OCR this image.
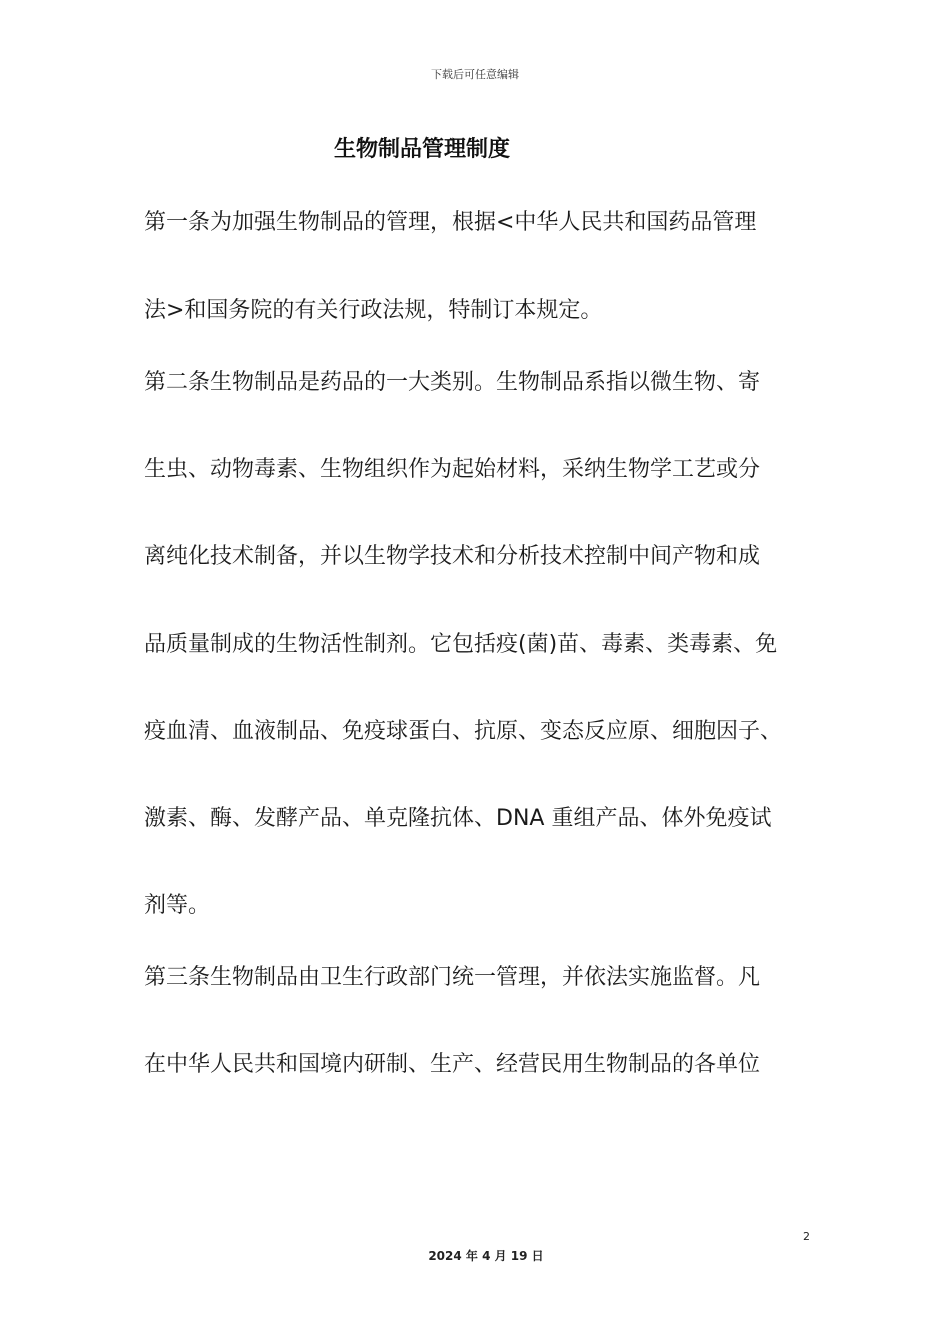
下载后可任意编辑
生物制品管理制度
第一条为加强生物制品的管理，根据<中华人民共和国药品管理
法>和国务院的有关行政法规，特制订本规定。
第二条生物制品是药品的一大类别。生物制品系指以微生物、寄
生虫、动物毒素、生物组织作为起始材料，采纳生物学工艺或分
离纯化技术制备，并以生物学技术和分析技术控制中间产物和成
品质量制成的生物活性制剂。它包括疫(菌)苗、毒素、类毒素、免
疫血清、血液制品、免疫球蛋白、抗原、变态反应原、细胞因子、
激素、酶、发酵产品、单克隆抗体、DNA 重组产品、体外免疫试
剂等。
第三条生物制品由卫生行政部门统一管理，并依法实施监督。凡
在中华人民共和国境内研制、生产、经营民用生物制品的各单位
2
2024 年 4 月 19 日
